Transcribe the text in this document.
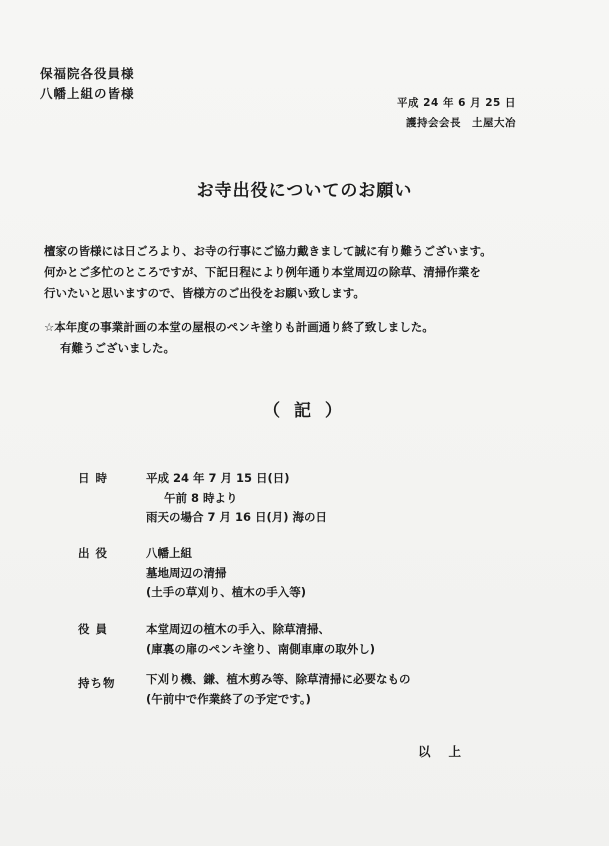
保福院各役員様
八幡上組の皆様
平成 24 年 6 月 25 日
護持会会長　土屋大冶
お寺出役についてのお願い
檀家の皆様には日ごろより、お寺の行事にご協力戴きまして誠に有り難うございます。
何かとご多忙のところですが、下記日程により例年通り本堂周辺の除草、清掃作業を
行いたいと思いますので、皆様方のご出役をお願い致します。
☆本年度の事業計画の本堂の屋根のペンキ塗りも計画通り終了致しました。
有難うございました。
（ 記 ）
日時	平成 24 年 7 月 15 日(日)
午前 8 時より
雨天の場合 7 月 16 日(月) 海の日
出役	八幡上組
墓地周辺の清掃
(土手の草刈り、植木の手入等)
役員	本堂周辺の植木の手入、除草清掃、
(庫裏の扉のペンキ塗り、南側車庫の取外し)
持ち物	下刈り機、鎌、植木剪み等、除草清掃に必要なもの
(午前中で作業終了の予定です。)
以上
